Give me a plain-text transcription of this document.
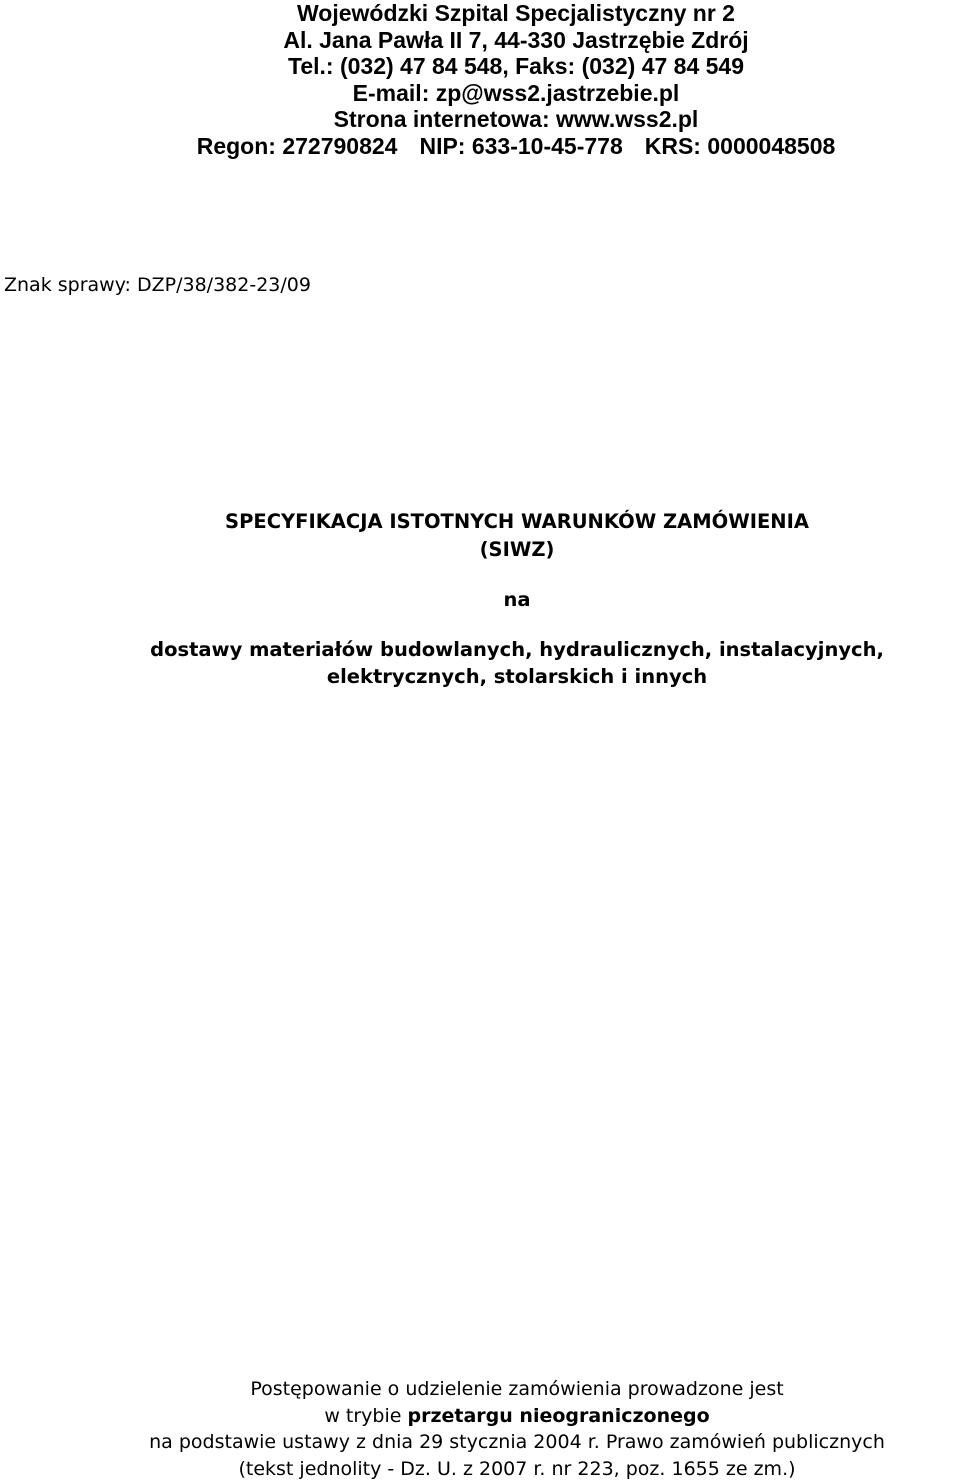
Wojewódzki Szpital Specjalistyczny nr 2
Al. Jana Pawła II 7, 44-330 Jastrzębie Zdrój
Tel.: (032) 47 84 548, Faks: (032) 47 84 549
E-mail: zp@wss2.jastrzebie.pl
Strona internetowa: www.wss2.pl
Regon: 272790824 NIP: 633-10-45-778 KRS: 0000048508
Znak sprawy: DZP/38/382-23/09
SPECYFIKACJA ISTOTNYCH WARUNKÓW ZAMÓWIENIA
(SIWZ)
na
dostawy materiałów budowlanych, hydraulicznych, instalacyjnych,
elektrycznych, stolarskich i innych
Postępowanie o udzielenie zamówienia prowadzone jest
w trybie przetargu nieograniczonego
na podstawie ustawy z dnia 29 stycznia 2004 r. Prawo zamówień publicznych
(tekst jednolity - Dz. U. z 2007 r. nr 223, poz. 1655 ze zm.)
